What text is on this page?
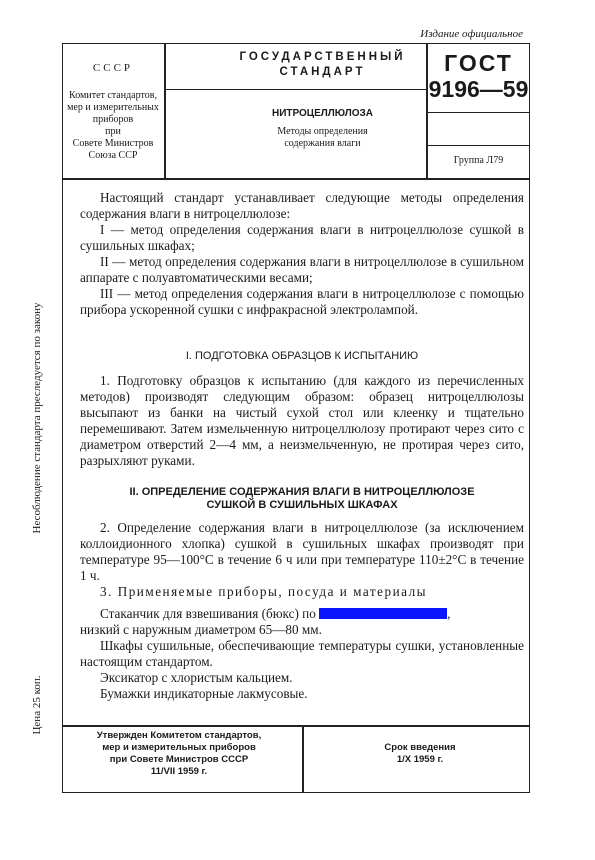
Издание официальное
СССР
Комитет стандартов,
мер и измерительных
приборов
при
Совете Министров
Союза ССР
ГОСУДАРСТВЕННЫЙ
СТАНДАРТ
НИТРОЦЕЛЛЮЛОЗА
Методы определения
содержания влаги
ГОСТ
9196—59
Группа Л79

Настоящий стандарт устанавливает следующие методы определения содержания влаги в нитроцеллюлозе:

I — метод определения содержания влаги в нитроцеллюлозе сушкой в сушильных шкафах;

II — метод определения содержания влаги в нитроцеллюлозе в сушильном аппарате с полуавтоматическими весами;

III — метод определения содержания влаги в нитроцеллюлозе с помощью прибора ускоренной сушки с инфракрасной электролампой.

I. ПОДГОТОВКА ОБРАЗЦОВ К ИСПЫТАНИЮ

1. Подготовку образцов к испытанию (для каждого из перечисленных методов) производят следующим образом: образец нитроцеллюлозы высыпают из банки на чистый сухой стол или клеенку и тщательно перемешивают. Затем измельченную нитроцеллюлозу протирают через сито с диаметром отверстий 2—4 мм, а неизмельченную, не протирая через сито, разрыхляют руками.

II. ОПРЕДЕЛЕНИЕ СОДЕРЖАНИЯ ВЛАГИ В НИТРОЦЕЛЛЮЛОЗЕ
СУШКОЙ В СУШИЛЬНЫХ ШКАФАХ

2. Определение содержания влаги в нитроцеллюлозе (за исключением коллоидионного хлопка) сушкой в сушильных шкафах производят при температуре 95—100°С в течение 6 ч или при температуре 110±2°С в течение 1 ч.

3. Применяемые приборы, посуда и материалы

Стаканчик для взвешивания (бюкс) по	,

низкий с наружным диаметром 65—80 мм.

Шкафы сушильные, обеспечивающие температуры сушки, установленные настоящим стандартом.

Эксикатор с хлористым кальцием.

Бумажки индикаторные лакмусовые.

Несоблюдение стандарта преследуется по закону
Цена 25 коп.
Утвержден Комитетом стандартов,
мер и измерительных приборов
при Совете Министров СССР
11/VII 1959 г.
Срок введения
1/X 1959 г.
